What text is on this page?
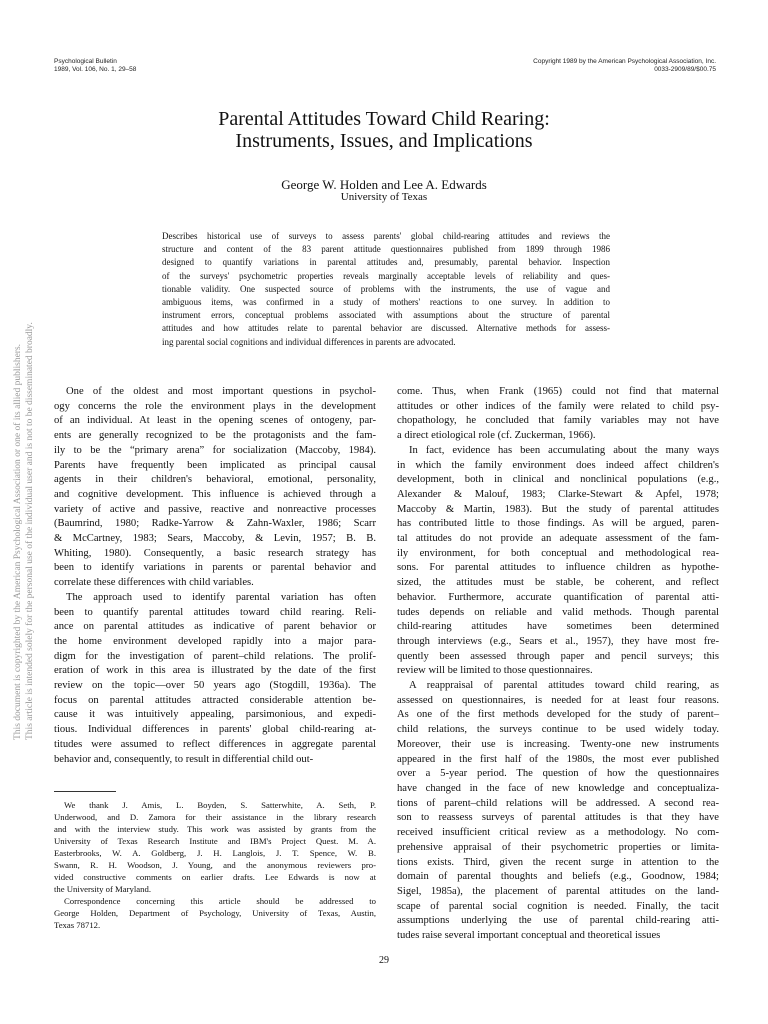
Psychological Bulletin
1989, Vol. 106, No. 1, 29–58
Copyright 1989 by the American Psychological Association, Inc.
0033-2909/89/$00.75
This document is copyrighted by the American Psychological Association or one of its allied publishers. This article is intended solely for the personal use of the individual user and is not to be disseminated broadly.
Parental Attitudes Toward Child Rearing:
Instruments, Issues, and Implications
George W. Holden and Lee A. Edwards
University of Texas
Describes historical use of surveys to assess parents' global child-rearing attitudes and reviews the
structure and content of the 83 parent attitude questionnaires published from 1899 through 1986
designed to quantify variations in parental attitudes and, presumably, parental behavior. Inspection
of the surveys' psychometric properties reveals marginally acceptable levels of reliability and ques-
tionable validity. One suspected source of problems with the instruments, the use of vague and
ambiguous items, was confirmed in a study of mothers' reactions to one survey. In addition to
instrument errors, conceptual problems associated with assumptions about the structure of parental
attitudes and how attitudes relate to parental behavior are discussed. Alternative methods for assess-
ing parental social cognitions and individual differences in parents are advocated.
One of the oldest and most important questions in psychol-
ogy concerns the role the environment plays in the development
of an individual. At least in the opening scenes of ontogeny, par-
ents are generally recognized to be the protagonists and the fam-
ily to be the “primary arena” for socialization (Maccoby, 1984).
Parents have frequently been implicated as principal causal
agents in their children's behavioral, emotional, personality,
and cognitive development. This influence is achieved through a
variety of active and passive, reactive and nonreactive processes
(Baumrind, 1980; Radke-Yarrow & Zahn-Waxler, 1986; Scarr
& McCartney, 1983; Sears, Maccoby, & Levin, 1957; B. B.
Whiting, 1980). Consequently, a basic research strategy has
been to identify variations in parents or parental behavior and
correlate these differences with child variables.
The approach used to identify parental variation has often
been to quantify parental attitudes toward child rearing. Reli-
ance on parental attitudes as indicative of parent behavior or
the home environment developed rapidly into a major para-
digm for the investigation of parent–child relations. The prolif-
eration of work in this area is illustrated by the date of the first
review on the topic—over 50 years ago (Stogdill, 1936a). The
focus on parental attitudes attracted considerable attention be-
cause it was intuitively appealing, parsimonious, and expedi-
tious. Individual differences in parents' global child-rearing at-
titudes were assumed to reflect differences in aggregate parental
behavior and, consequently, to result in differential child out-
come. Thus, when Frank (1965) could not find that maternal
attitudes or other indices of the family were related to child psy-
chopathology, he concluded that family variables may not have
a direct etiological role (cf. Zuckerman, 1966).
In fact, evidence has been accumulating about the many ways
in which the family environment does indeed affect children's
development, both in clinical and nonclinical populations (e.g.,
Alexander & Malouf, 1983; Clarke-Stewart & Apfel, 1978;
Maccoby & Martin, 1983). But the study of parental attitudes
has contributed little to those findings. As will be argued, paren-
tal attitudes do not provide an adequate assessment of the fam-
ily environment, for both conceptual and methodological rea-
sons. For parental attitudes to influence children as hypothe-
sized, the attitudes must be stable, be coherent, and reflect
behavior. Furthermore, accurate quantification of parental atti-
tudes depends on reliable and valid methods. Though parental
child-rearing attitudes have sometimes been determined
through interviews (e.g., Sears et al., 1957), they have most fre-
quently been assessed through paper and pencil surveys; this
review will be limited to those questionnaires.
A reappraisal of parental attitudes toward child rearing, as
assessed on questionnaires, is needed for at least four reasons.
As one of the first methods developed for the study of parent–
child relations, the surveys continue to be used widely today.
Moreover, their use is increasing. Twenty-one new instruments
appeared in the first half of the 1980s, the most ever published
over a 5-year period. The question of how the questionnaires
have changed in the face of new knowledge and conceptualiza-
tions of parent–child relations will be addressed. A second rea-
son to reassess surveys of parental attitudes is that they have
received insufficient critical review as a methodology. No com-
prehensive appraisal of their psychometric properties or limita-
tions exists. Third, given the recent surge in attention to the
domain of parental thoughts and beliefs (e.g., Goodnow, 1984;
Sigel, 1985a), the placement of parental attitudes on the land-
scape of parental social cognition is needed. Finally, the tacit
assumptions underlying the use of parental child-rearing atti-
tudes raise several important conceptual and theoretical issues
We thank J. Amis, L. Boyden, S. Satterwhite, A. Seth, P.
Underwood, and D. Zamora for their assistance in the library research
and with the interview study. This work was assisted by grants from the
University of Texas Research Institute and IBM's Project Quest. M. A.
Easterbrooks, W. A. Goldberg, J. H. Langlois, J. T. Spence, W. B.
Swann, R. H. Woodson, J. Young, and the anonymous reviewers pro-
vided constructive comments on earlier drafts. Lee Edwards is now at
the University of Maryland.
Correspondence concerning this article should be addressed to
George Holden, Department of Psychology, University of Texas, Austin,
Texas 78712.
29
